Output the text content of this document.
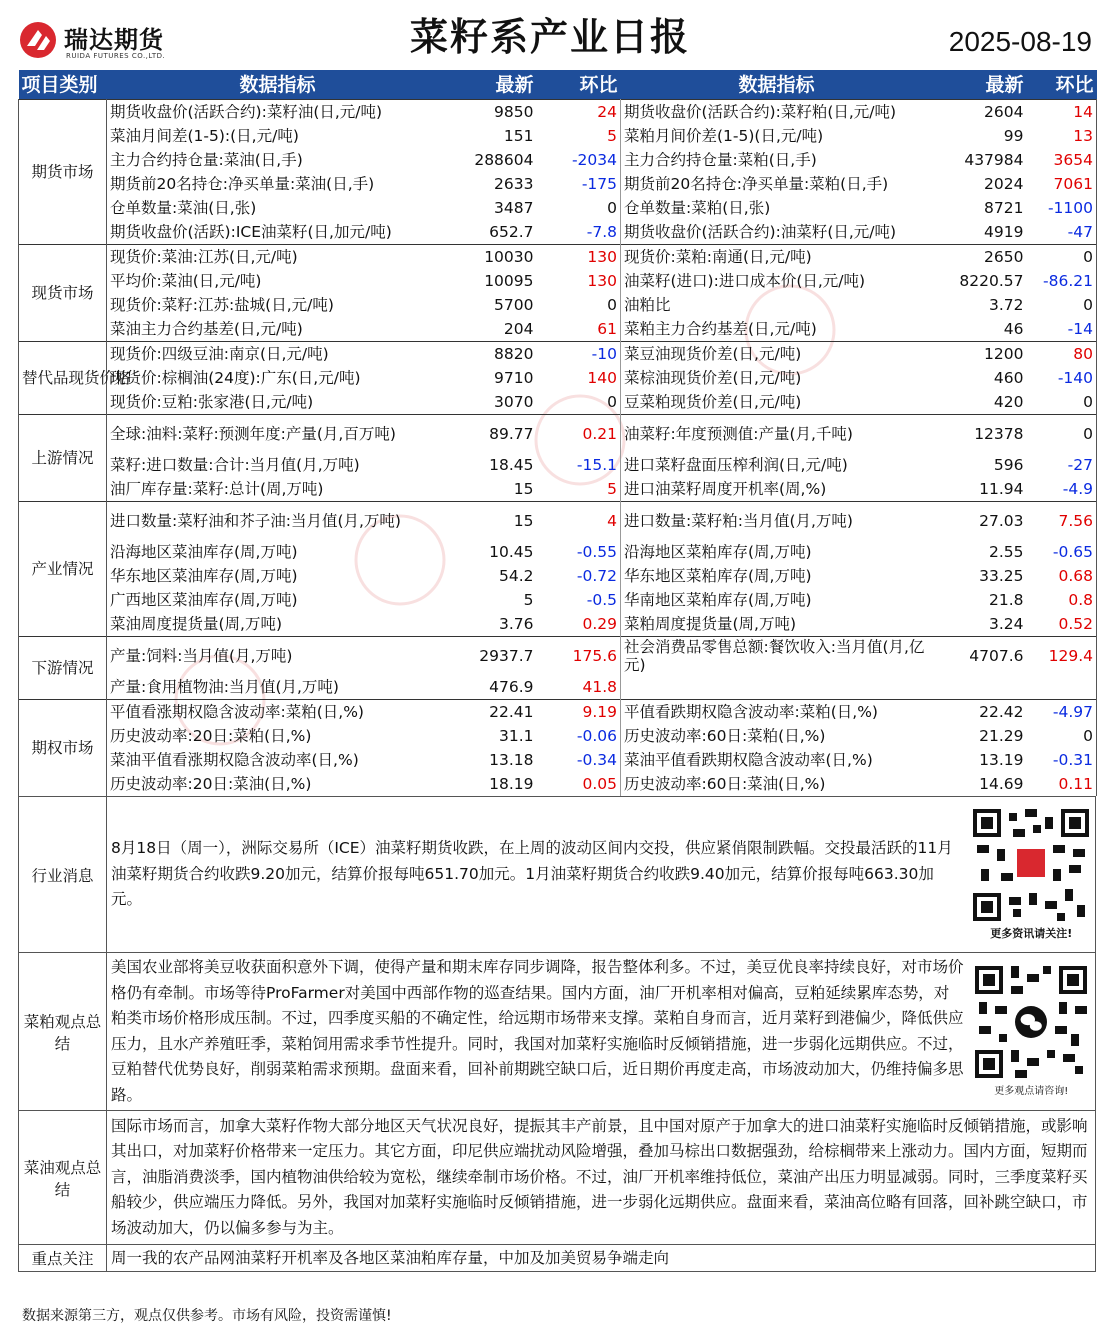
瑞达期货
RUIDA FUTURES CO.,LTD.	菜籽系产业日报	2025-08-19
项目类别	数据指标	最新	环比	数据指标	最新	环比
期货市场	期货收盘价(活跃合约):菜籽油(日,元/吨)	9850	24	期货收盘价(活跃合约):菜籽粕(日,元/吨)	2604	14
	菜油月间差(1-5):(日,元/吨)	151	5	菜粕月间价差(1-5)(日,元/吨)	99	13
	主力合约持仓量:菜油(日,手)	288604	-2034	主力合约持仓量:菜粕(日,手)	437984	3654
	期货前20名持仓:净买单量:菜油(日,手)	2633	-175	期货前20名持仓:净买单量:菜粕(日,手)	2024	7061
	仓单数量:菜油(日,张)	3487	0	仓单数量:菜粕(日,张)	8721	-1100
	期货收盘价(活跃):ICE油菜籽(日,加元/吨)	652.7	-7.8	期货收盘价(活跃合约):油菜籽(日,元/吨)	4919	-47
现货市场	现货价:菜油:江苏(日,元/吨)	10030	130	现货价:菜粕:南通(日,元/吨)	2650	0
	平均价:菜油(日,元/吨)	10095	130	油菜籽(进口):进口成本价(日,元/吨)	8220.57	-86.21
	现货价:菜籽:江苏:盐城(日,元/吨)	5700	0	油粕比	3.72	0
	菜油主力合约基差(日,元/吨)	204	61	菜粕主力合约基差(日,元/吨)	46	-14
替代品现货价格	现货价:四级豆油:南京(日,元/吨)	8820	-10	菜豆油现货价差(日,元/吨)	1200	80
	现货价:棕榈油(24度):广东(日,元/吨)	9710	140	菜棕油现货价差(日,元/吨)	460	-140
	现货价:豆粕:张家港(日,元/吨)	3070	0	豆菜粕现货价差(日,元/吨)	420	0
上游情况	全球:油料:菜籽:预测年度:产量(月,百万吨)	89.77	0.21	油菜籽:年度预测值:产量(月,千吨)	12378	0
	菜籽:进口数量:合计:当月值(月,万吨)	18.45	-15.1	进口菜籽盘面压榨利润(日,元/吨)	596	-27
	油厂库存量:菜籽:总计(周,万吨)	15	5	进口油菜籽周度开机率(周,%)	11.94	-4.9
产业情况	进口数量:菜籽油和芥子油:当月值(月,万吨)	15	4	进口数量:菜籽粕:当月值(月,万吨)	27.03	7.56
	沿海地区菜油库存(周,万吨)	10.45	-0.55	沿海地区菜粕库存(周,万吨)	2.55	-0.65
	华东地区菜油库存(周,万吨)	54.2	-0.72	华东地区菜粕库存(周,万吨)	33.25	0.68
	广西地区菜油库存(周,万吨)	5	-0.5	华南地区菜粕库存(周,万吨)	21.8	0.8
	菜油周度提货量(周,万吨)	3.76	0.29	菜粕周度提货量(周,万吨)	3.24	0.52
下游情况	产量:饲料:当月值(月,万吨)	2937.7	175.6	社会消费品零售总额:餐饮收入:当月值(月,亿元)	4707.6	129.4
	产量:食用植物油:当月值(月,万吨)	476.9	41.8			
期权市场	平值看涨期权隐含波动率:菜粕(日,%)	22.41	9.19	平值看跌期权隐含波动率:菜粕(日,%)	22.42	-4.97
	历史波动率:20日:菜粕(日,%)	31.1	-0.06	历史波动率:60日:菜粕(日,%)	21.29	0
	菜油平值看涨期权隐含波动率(日,%)	13.18	-0.34	菜油平值看跌期权隐含波动率(日,%)	13.19	-0.31
	历史波动率:20日:菜油(日,%)	18.19	0.05	历史波动率:60日:菜油(日,%)	14.69	0.11
行业消息	8月18日（周一），洲际交易所（ICE）油菜籽期货收跌，在上周的波动区间内交投，供应紧俏限制跌幅。交投最活跃的11月油菜籽期货合约收跌9.20加元，结算价报每吨651.70加元。1月油菜籽期货合约收跌9.40加元，结算价报每吨663.30加元。	更多资讯请关注!

菜粕观点总结	美国农业部将美豆收获面积意外下调，使得产量和期末库存同步调降，报告整体利多。不过，美豆优良率持续良好，对市场价格仍有牵制。市场等待ProFarmer对美国中西部作物的巡查结果。国内方面，油厂开机率相对偏高，豆粕延续累库态势，对粕类市场价格形成压制。不过，四季度买船的不确定性，给远期市场带来支撑。菜粕自身而言，近月菜籽到港偏少，降低供应压力，且水产养殖旺季，菜粕饲用需求季节性提升。同时，我国对加菜籽实施临时反倾销措施，进一步弱化远期供应。不过，豆粕替代优势良好，削弱菜粕需求预期。盘面来看，回补前期跳空缺口后，近日期价再度走高，市场波动加大，仍维持偏多思路。	更多观点请咨询!

菜油观点总结	国际市场而言，加拿大菜籽作物大部分地区天气状况良好，提振其丰产前景，且中国对原产于加拿大的进口油菜籽实施临时反倾销措施，或影响其出口，对加菜籽价格带来一定压力。其它方面，印尼供应端扰动风险增强，叠加马棕出口数据强劲，给棕榈带来上涨动力。国内方面，短期而言，油脂消费淡季，国内植物油供给较为宽松，继续牵制市场价格。不过，油厂开机率维持低位，菜油产出压力明显减弱。同时，三季度菜籽买船较少，供应端压力降低。另外，我国对加菜籽实施临时反倾销措施，进一步弱化远期供应。盘面来看，菜油高位略有回落，回补跳空缺口，市场波动加大，仍以偏多参与为主。	
重点关注	周一我的农产品网油菜籽开机率及各地区菜油粕库存量，中加及加美贸易争端走向	
数据来源第三方，观点仅供参考。市场有风险，投资需谨慎!
